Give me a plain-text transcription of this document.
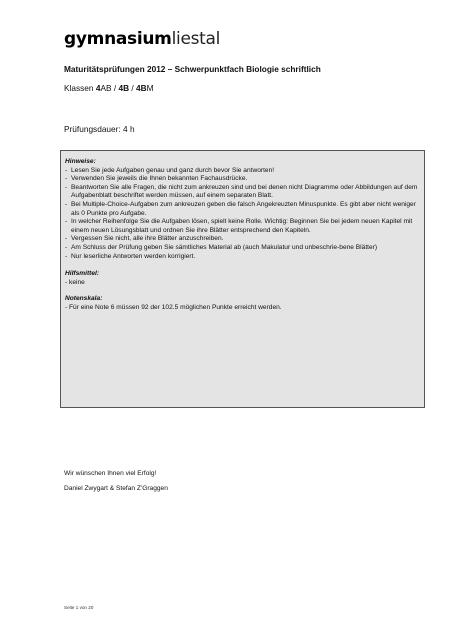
gymnasiumliestal
Maturitätsprüfungen 2012 – Schwerpunktfach Biologie schriftlich
Klassen 4AB / 4B / 4BM
Prüfungsdauer: 4 h
Hinweise:
- Lesen Sie jede Aufgaben genau und ganz durch bevor Sie antworten!
- Verwenden Sie jeweils die Ihnen bekannten Fachausdrücke.
- Beantworten Sie alle Fragen, die nicht zum ankreuzen sind und bei denen nicht Diagramme oder Abbildungen auf dem Aufgabenblatt beschriftet werden müssen, auf einem separaten Blatt.
- Bei Multiple-Choice-Aufgaben zum ankreuzen geben die falsch Angekreuzten Minuspunkte. Es gibt aber nicht weniger als 0 Punkte pro Aufgabe.
- In welcher Reihenfolge Sie die Aufgaben lösen, spielt keine Rolle. Wichtig: Beginnen Sie bei jedem neuen Kapitel mit einem neuen Lösungsblatt und ordnen Sie ihre Blätter entsprechend den Kapiteln.
- Vergessen Sie nicht, alle ihre Blätter anzuschreiben.
- Am Schluss der Prüfung geben Sie sämtliches Material ab (auch Makulatur und unbeschrie-bene Blätter)
- Nur leserliche Antworten werden korrigiert.
Hilfsmittel:
- keine
Notenskala:
- Für eine Note 6 müssen 92 der 102.5 möglichen Punkte erreicht werden.
Wir wünschen Ihnen viel Erfolg!
Daniel Zwygart & Stefan Z'Graggen
Seite 1 von 20
